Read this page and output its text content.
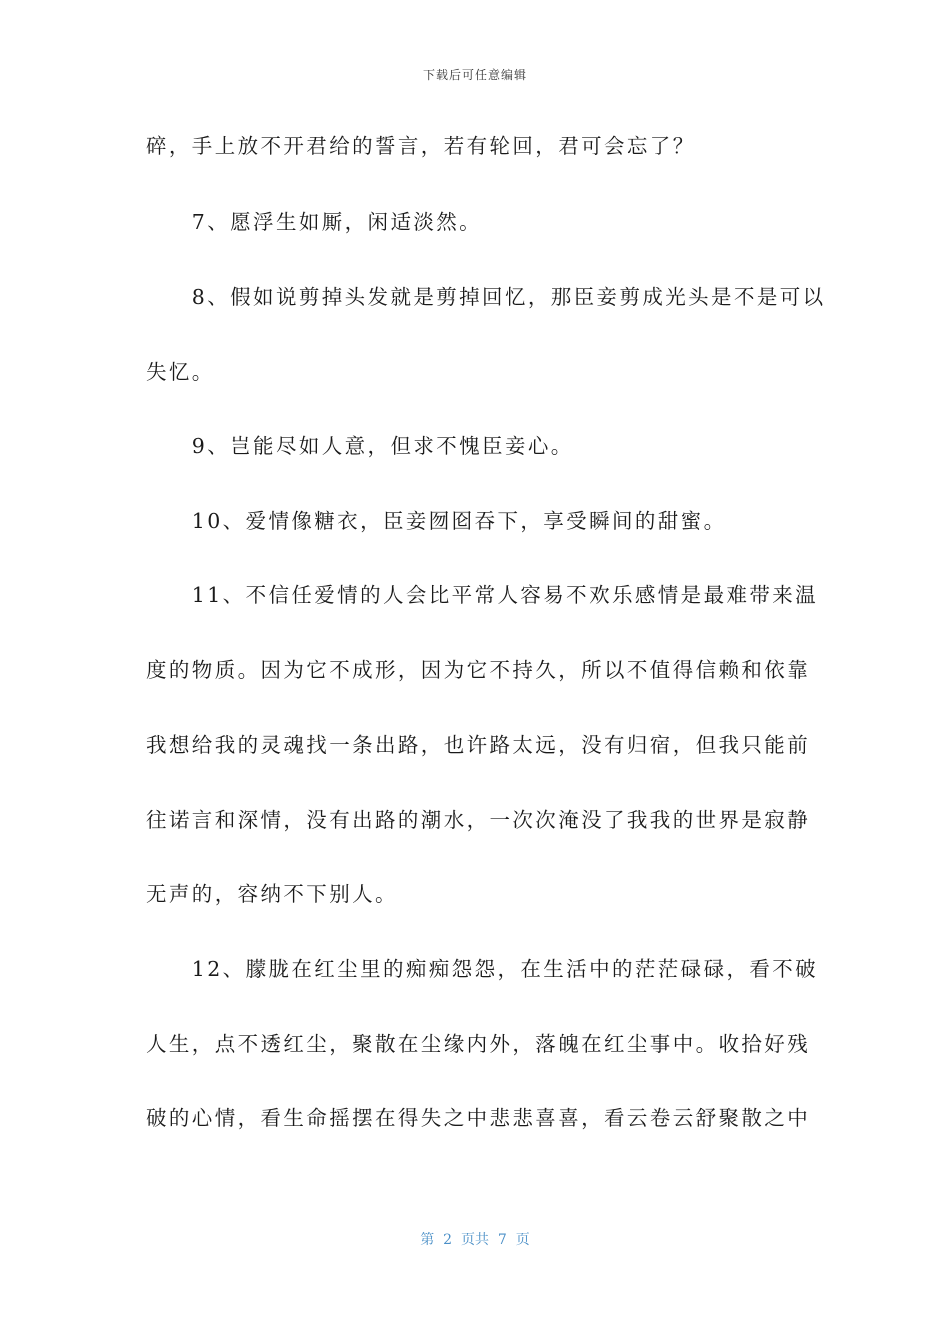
下载后可任意编辑
碎，手上放不开君给的誓言，若有轮回，君可会忘了？
　　7、愿浮生如厮，闲适淡然。
　　8、假如说剪掉头发就是剪掉回忆，那臣妾剪成光头是不是可以
失忆。
　　9、岂能尽如人意，但求不愧臣妾心。
　　10、爱情像糖衣，臣妾囫囵吞下，享受瞬间的甜蜜。
　　11、不信任爱情的人会比平常人容易不欢乐感情是最难带来温
度的物质。因为它不成形，因为它不持久，所以不值得信赖和依靠
我想给我的灵魂找一条出路，也许路太远，没有归宿，但我只能前
往诺言和深情，没有出路的潮水，一次次淹没了我我的世界是寂静
无声的，容纳不下别人。
　　12、朦胧在红尘里的痴痴怨怨，在生活中的茫茫碌碌，看不破
人生，点不透红尘，聚散在尘缘内外，落魄在红尘事中。收拾好残
破的心情，看生命摇摆在得失之中悲悲喜喜，看云卷云舒聚散之中
第  2  页共  7  页
